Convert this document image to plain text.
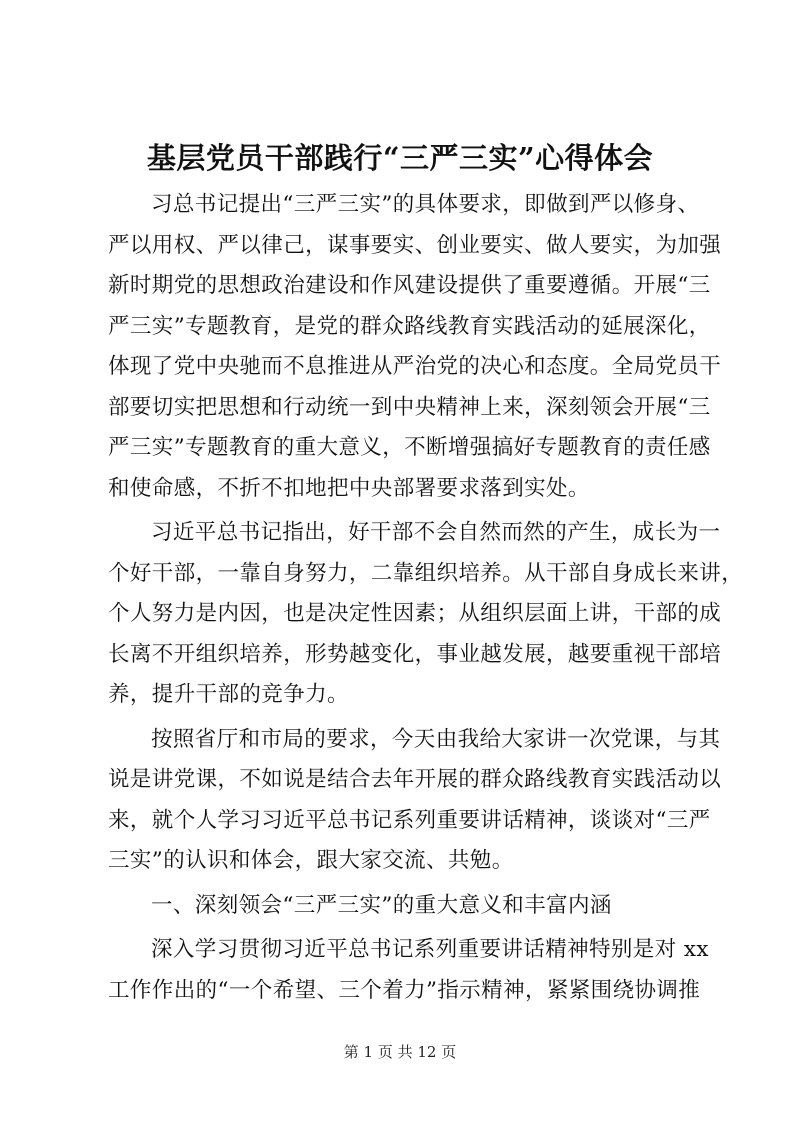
基层党员干部践行“三严三实”心得体会
习总书记提出“三严三实”的具体要求，即做到严以修身、
严以用权、严以律己，谋事要实、创业要实、做人要实，为加强
新时期党的思想政治建设和作风建设提供了重要遵循。开展“三
严三实”专题教育，是党的群众路线教育实践活动的延展深化，
体现了党中央驰而不息推进从严治党的决心和态度。全局党员干
部要切实把思想和行动统一到中央精神上来，深刻领会开展“三
严三实”专题教育的重大意义，不断增强搞好专题教育的责任感
和使命感，不折不扣地把中央部署要求落到实处。
习近平总书记指出，好干部不会自然而然的产生，成长为一
个好干部，一靠自身努力，二靠组织培养。从干部自身成长来讲，
个人努力是内因，也是决定性因素；从组织层面上讲，干部的成
长离不开组织培养，形势越变化，事业越发展，越要重视干部培
养，提升干部的竞争力。
按照省厅和市局的要求，今天由我给大家讲一次党课，与其
说是讲党课，不如说是结合去年开展的群众路线教育实践活动以
来，就个人学习习近平总书记系列重要讲话精神，谈谈对“三严
三实”的认识和体会，跟大家交流、共勉。
一、深刻领会“三严三实”的重大意义和丰富内涵
深入学习贯彻习近平总书记系列重要讲话精神特别是对 xx
工作作出的“一个希望、三个着力”指示精神，紧紧围绕协调推
第 1 页 共 12 页
